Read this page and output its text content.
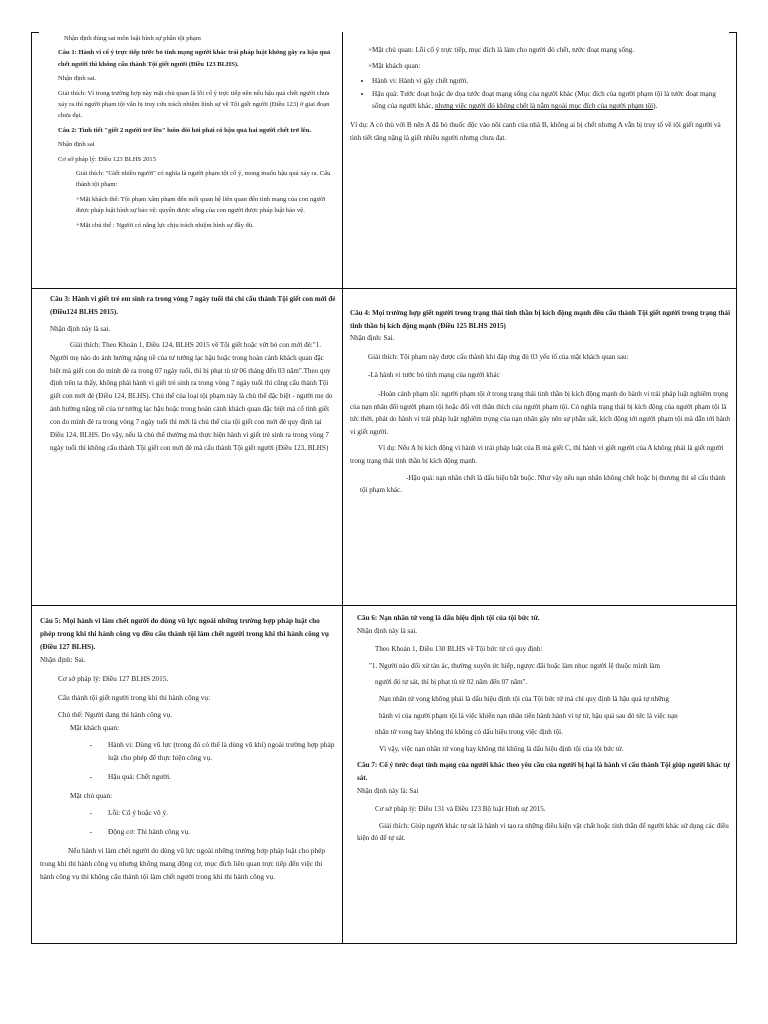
Nhận định đúng sai môn luật hình sự phần tội phạm

Câu 1: Hành vi cố ý trực tiếp tước bỏ tính mạng người khác trái pháp luật không gây ra hậu quả chết người thì không cấu thành Tội giết người (Điều 123 BLHS).

Nhận định sai.

Giải thích: Vì trong trường hợp này mặt chủ quan là lỗi cố ý trực tiếp nên nếu hậu quả chết người chưa xảy ra thì người phạm tội vẫn bị truy cứu trách nhiệm hình sự về Tội giết người (Điều 123) ở giai đoạn chưa đạt.

Câu 2: Tình tiết "giết 2 người trở lên" luôn đòi hỏi phải có hậu quả hai người chết trở lên.

Nhận định sai

Cơ sở pháp lý: Điều 123 BLHS 2015

Giải thích: "Giết nhiều người" có nghĩa là người phạm tội cố ý, mong muốn hậu quả xảy ra. Cấu thành tội phạm:

+Mặt khách thể: Tội phạm xâm phạm đến mối quan hệ liên quan đến tính mạng của con người được pháp luật hình sự bảo vệ: quyền được sống của con người được pháp luật bảo vệ.

+Mặt chủ thể : Người có năng lực chịu trách nhiệm hình sự đầy đủ.

+Mặt chủ quan: Lỗi cố ý trực tiếp, mục đích là làm cho người đó chết, tước đoạt mạng sống.

+Mặt khách quan:

• Hành vi: Hành vi gây chết người.
• Hậu quả: Tước đoạt hoặc đe dọa tước đoạt mạng sống của người khác (Mục đích của người phạm tội là tước đoạt mạng sống của người khác, nhưng việc người đó không chết là nằm ngoài mục đích của người phạm tội).

Ví dụ: A có thù với B nên A đã bỏ thuốc độc vào nồi canh của nhà B, không ai bị chết nhưng A vẫn bị truy tố về tội giết người và tình tiết tăng nặng là giết nhiều người nhưng chưa đạt.

Câu 3: Hành vi giết trẻ em sinh ra trong vòng 7 ngày tuổi thì chỉ cấu thành Tội giết con mới đẻ (Điều124 BLHS 2015).

Nhận định này là sai.

Giải thích: Theo Khoản 1, Điều 124, BLHS 2015 về Tội giết hoặc vứt bỏ con mới đẻ:"1. Người mẹ nào do ảnh hưởng nặng nề của tư tưởng lạc hậu hoặc trong hoàn cảnh khách quan đặc biệt mà giết con do mình đẻ ra trong 07 ngày tuổi, thì bị phạt tù từ 06 tháng đến 03 năm".Theo quy định trên ta thấy, không phải hành vi giết trẻ sinh ra trong vòng 7 ngày tuổi thì cũng cấu thành Tội giết con mới đẻ (Điều 124, BLHS). Chủ thể của loại tội phạm này là chủ thể đặc biệt - người mẹ do ảnh hưởng nặng nề của tư tưởng lạc hậu hoặc trong hoàn cảnh khách quan đặc biệt mà cố tình giết con do mình đẻ ra trong vòng 7 ngày tuổi thì mới là chủ thể của tội giết con mới đẻ quy định tại Điều 124, BLHS. Do vậy, nếu là chủ thể thường mà thực hiện hành vi giết trẻ sinh ra trong vòng 7 ngày tuổi thì không cấu thành Tội giết con mới đẻ mà cấu thành Tội giết người (Điều 123, BLHS)

Câu 4: Mọi trường hợp giết người trong trạng thái tinh thần bị kích động mạnh đều cấu thành Tội giết người trong trạng thái tinh thần bị kích động mạnh (Điều 125 BLHS 2015)

Nhận định: Sai.

Giải thích: Tội phạm này được cấu thành khi đáp ứng đủ 03 yếu tố của mặt khách quan sau:

-Là hành vi tước bỏ tính mạng của người khác

-Hoàn cảnh phạm tội: người phạm tội ở trong trạng thái tinh thần bị kích động mạnh do hành vi trái pháp luật nghiêm trọng của nạn nhân đối người phạm tội hoặc đối với thân thích của người phạm tội. Có nghĩa trạng thái bị kích động của người phạm tội là tức thời, phát do hành vi trái pháp luật nghiêm trọng của nạn nhân gây nên sự phẫn uất, kích động tới người phạm tội mà dẫn tới hành vi giết người.

Ví dụ: Nếu A bị kích động vì hành vi trái pháp luật của B mà giết C, thì hành vi giết người của A không phải là giết người trong trạng thái tinh thần bị kích động mạnh.

-Hậu quả: nạn nhân chết là dấu hiệu bắt buộc. Như vậy nếu nạn nhân không chết hoặc bị thương thì sẽ cấu thành tội phạm khác.

Câu 5: Mọi hành vi làm chết người do dùng vũ lực ngoài những trường hợp pháp luật cho phép trong khi thi hành công vụ đều cấu thành tội làm chết người trong khi thi hành công vụ (Điều 127 BLHS).

Nhận định: Sai.

Cơ sở pháp lý: Điều 127 BLHS 2015.

Cấu thành tội giết người trong khi thi hành công vụ:

Chủ thể: Người đang thi hành công vụ.

Mặt khách quan:

-	Hành vi: Dùng vũ lực (trong đó có thể là dùng vũ khí) ngoài trường hợp pháp luật cho phép để thực hiện công vụ.
-	Hậu quả: Chết người.

Mặt chủ quan:

-	Lỗi: Cố ý hoặc vô ý.
-	Động cơ: Thi hành công vụ.

Nếu hành vi làm chết người do dùng vũ lực ngoài những trường hợp pháp luật cho phép trong khi thi hành công vụ nhưng không mang động cơ, mục đích liên quan trực tiếp đến việc thi hành công vụ thì không cấu thành tội làm chết người trong khi thi hành công vụ.

Câu 6: Nạn nhân tử vong là dấu hiệu định tội của tội bức tử.

Nhận định này là sai.

Theo Khoản 1, Điều 130 BLHS về Tội bức tử có quy định:

"1. Người nào đối xử tàn ác, thường xuyên ức hiếp, ngược đãi hoặc làm nhục người lệ thuộc mình làm

người đó tự sát, thì bị phạt tù từ 02 năm đến 07 năm".

Nạn nhân tử vong không phải là dấu hiệu định tội của Tội bức tử mà chỉ quy định là hậu quả tự những

hành vi của người phạm tội là việc khiến nạn nhân tiến hành hành vi tự tử, hậu quả sau đó tức là việc nạn

nhân tử vong hay không thì không có dấu hiệu trong việc định tội.

Vì vậy, việc nạn nhân tử vong hay không thì không là dấu hiệu định tội của tội bức tử.

Câu 7: Cố ý tước đoạt tính mạng của người khác theo yêu cầu của người bị hại là hành vi cấu thành Tội giúp người khác tự sát.

Nhận định này là: Sai

Cơ sở pháp lý: Điều 131 và Điều 123 Bộ luật Hình sự 2015.

Giải thích: Giúp người khác tự sát là hành vi tạo ra những điều kiện vật chất hoặc tinh thần để người khác sử dụng các điều kiện đó để tự sát.
